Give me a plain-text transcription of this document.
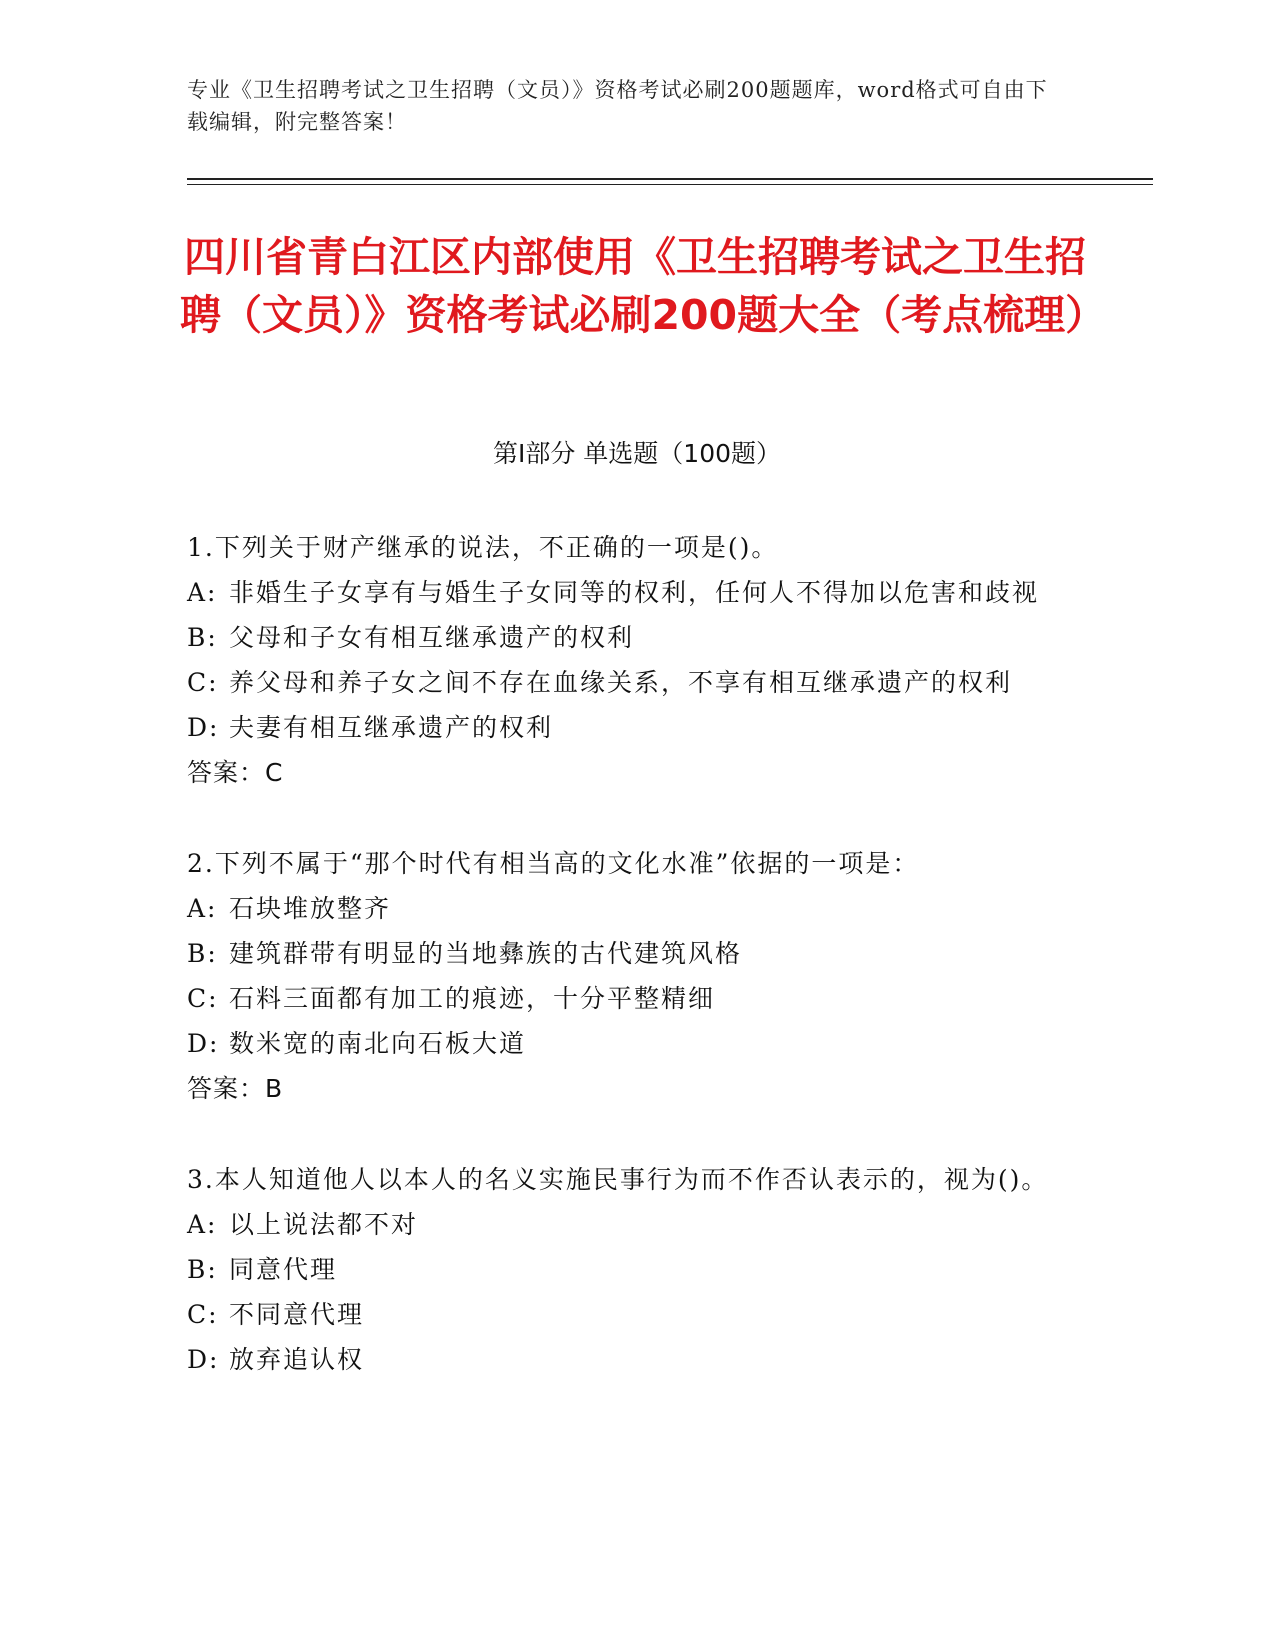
专业《卫生招聘考试之卫生招聘（文员）》资格考试必刷200题题库，word格式可自由下载编辑，附完整答案！
四川省青白江区内部使用《卫生招聘考试之卫生招聘（文员）》资格考试必刷200题大全（考点梳理）
第Ⅰ部分 单选题（100题）
1.下列关于财产继承的说法，不正确的一项是()。
A: 非婚生子女享有与婚生子女同等的权利，任何人不得加以危害和歧视
B: 父母和子女有相互继承遗产的权利
C: 养父母和养子女之间不存在血缘关系，不享有相互继承遗产的权利
D: 夫妻有相互继承遗产的权利
答案：C
2.下列不属于“那个时代有相当高的文化水准”依据的一项是：
A: 石块堆放整齐
B: 建筑群带有明显的当地彝族的古代建筑风格
C: 石料三面都有加工的痕迹，十分平整精细
D: 数米宽的南北向石板大道
答案：B
3.本人知道他人以本人的名义实施民事行为而不作否认表示的，视为()。
A: 以上说法都不对
B: 同意代理
C: 不同意代理
D: 放弃追认权
